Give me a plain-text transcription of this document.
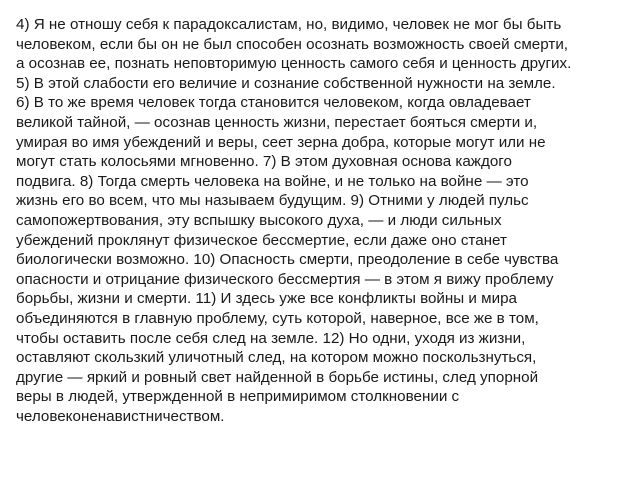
4) Я не отношу себя к парадоксалистам, но, видимо, человек не мог бы быть
человеком, если бы он не был способен осознать возможность своей смерти,
а осознав ее, познать неповторимую ценность самого себя и ценность других.
5) В этой слабости его величие и сознание собственной нужности на земле.
6) В то же время человек тогда становится человеком, когда овладевает
великой тайной, — осознав ценность жизни, перестает бояться смерти и,
умирая во имя убеждений и веры, сеет зерна добра, которые могут или не
могут стать колосьями мгновенно. 7) В этом духовная основа каждого
подвига. 8) Тогда смерть человека на войне, и не только на войне — это
жизнь его во всем, что мы называем будущим. 9) Отними у людей пульс
самопожертвования, эту вспышку высокого духа, — и люди сильных
убеждений проклянут физическое бессмертие, если даже оно станет
биологически возможно. 10) Опасность смерти, преодоление в себе чувства
опасности и отрицание физического бессмертия — в этом я вижу проблему
борьбы, жизни и смерти. 11) И здесь уже все конфликты войны и мира
объединяются в главную проблему, суть которой, наверное, все же в том,
чтобы оставить после себя след на земле. 12) Но одни, уходя из жизни,
оставляют скользкий уличотный след, на котором можно поскользнуться,
другие — яркий и ровный свет найденной в борьбе истины, след упорной
веры в людей, утвержденной в непримиримом столкновении с
человеконенавистничеством.
